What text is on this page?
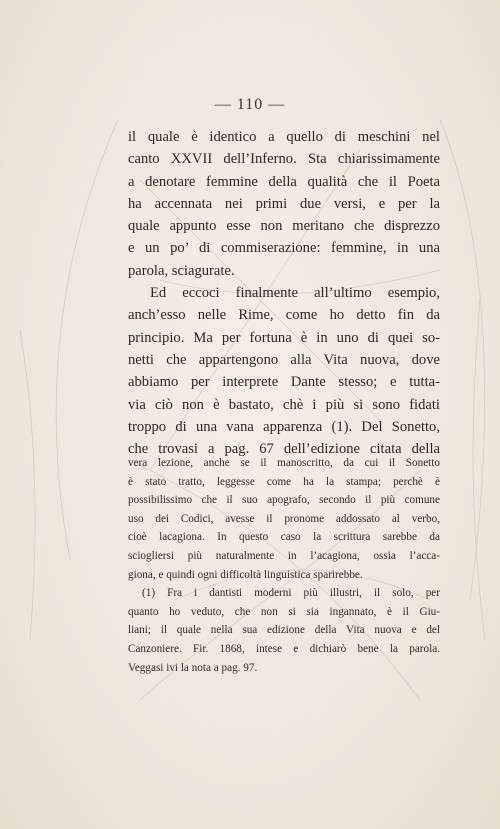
— 110 —
il quale è identico a quello di meschini nel
canto XXVII dell’Inferno. Sta chiarissimamente
a denotare femmine della qualità che il Poeta
ha accennata nei primi due versi, e per la
quale appunto esse non meritano che disprezzo
e un po’ di commiserazione: femmine, in una
parola, sciagurate.
Ed eccoci finalmente all’ultimo esempio,
anch’esso nelle Rime, come ho detto fin da
principio. Ma per fortuna è in uno di quei so-
netti che appartengono alla Vita nuova, dove
abbiamo per interprete Dante stesso; e tutta-
via ciò non è bastato, chè i più si sono fidati
troppo di una vana apparenza (1). Del Sonetto,
che trovasi a pag. 67 dell’edizione citata della
vera lezione, anche se il manoscritto, da cui il Sonetto
è stato tratto, leggesse come ha la stampa; perchè è
possibilissimo che il suo apografo, secondo il più comune
uso dei Codici, avesse il pronome addossato al verbo,
cioè lacagiona. In questo caso la scrittura sarebbe da
sciogliersi più naturalmente in l’acagiona, ossia l’acca-
giona, e quindi ogni difficoltà linguistica sparirebbe.
(1) Fra i dantisti moderni più illustri, il solo, per
quanto ho veduto, che non si sia ingannato, è il Giu-
liani; il quale nella sua edizione della Vita nuova e del
Canzoniere. Fir. 1868, intese e dichiarò bene la parola.
Veggasi ivi la nota a pag. 97.
